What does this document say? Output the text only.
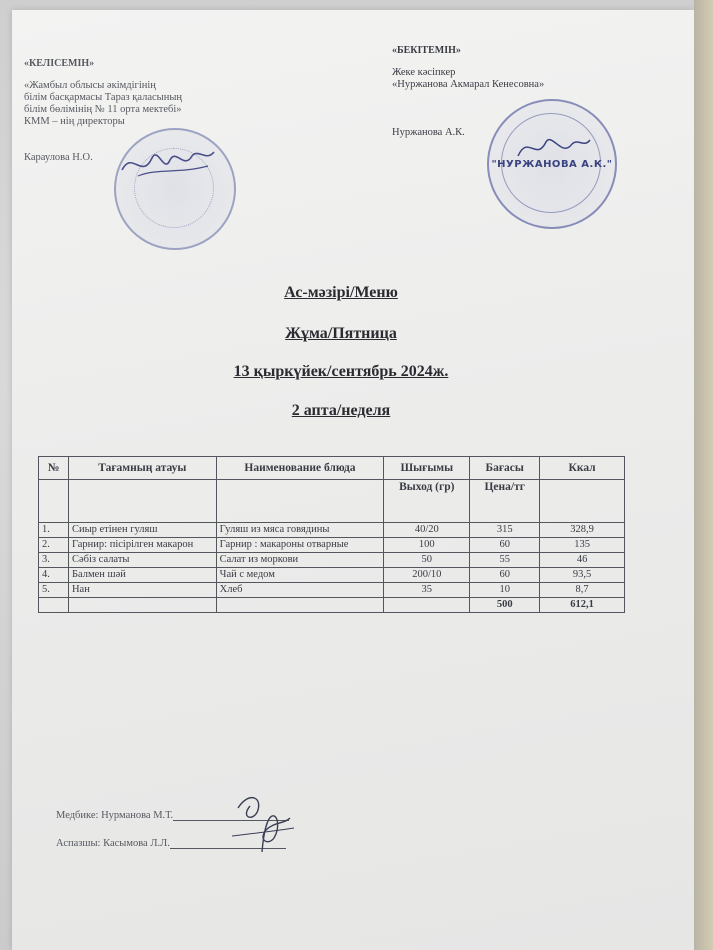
«КЕЛІСЕМІН»
«Жамбыл облысы әкімдігінің
білім басқармасы Тараз қаласының
білім бөлімінің № 11 орта мектебі»
КММ – нің директоры
Караулова Н.О.
«БЕКІТЕМІН»
Жеке кәсіпкер
«Нуржанова Акмарал Кенесовна»
Нуржанова А.К.
"НУРЖАНОВА А.К."
Ас-мәзірі/Меню
Жұма/Пятница
13 қыркүйек/сентябрь 2024ж.
2 апта/неделя
№	Тағамның атауы	Наименование блюда	Шығымы	Бағасы	Ккал
			Выход (гр)	Цена/тг	
1.	Сиыр етінен гуляш	Гуляш из мяса говядины	40/20	315	328,9
2.	Гарнир: пісірілген макарон	Гарнир : макароны отварные	100	60	135
3.	Сәбіз салаты	Салат из моркови	50	55	46
4.	Балмен шәй	Чай с медом	200/10	60	93,5
5.	Нан	Хлеб	35	10	8,7
				500	612,1
Медбике: Нурманова М.Т.
Аспазшы: Касымова Л.Л.
